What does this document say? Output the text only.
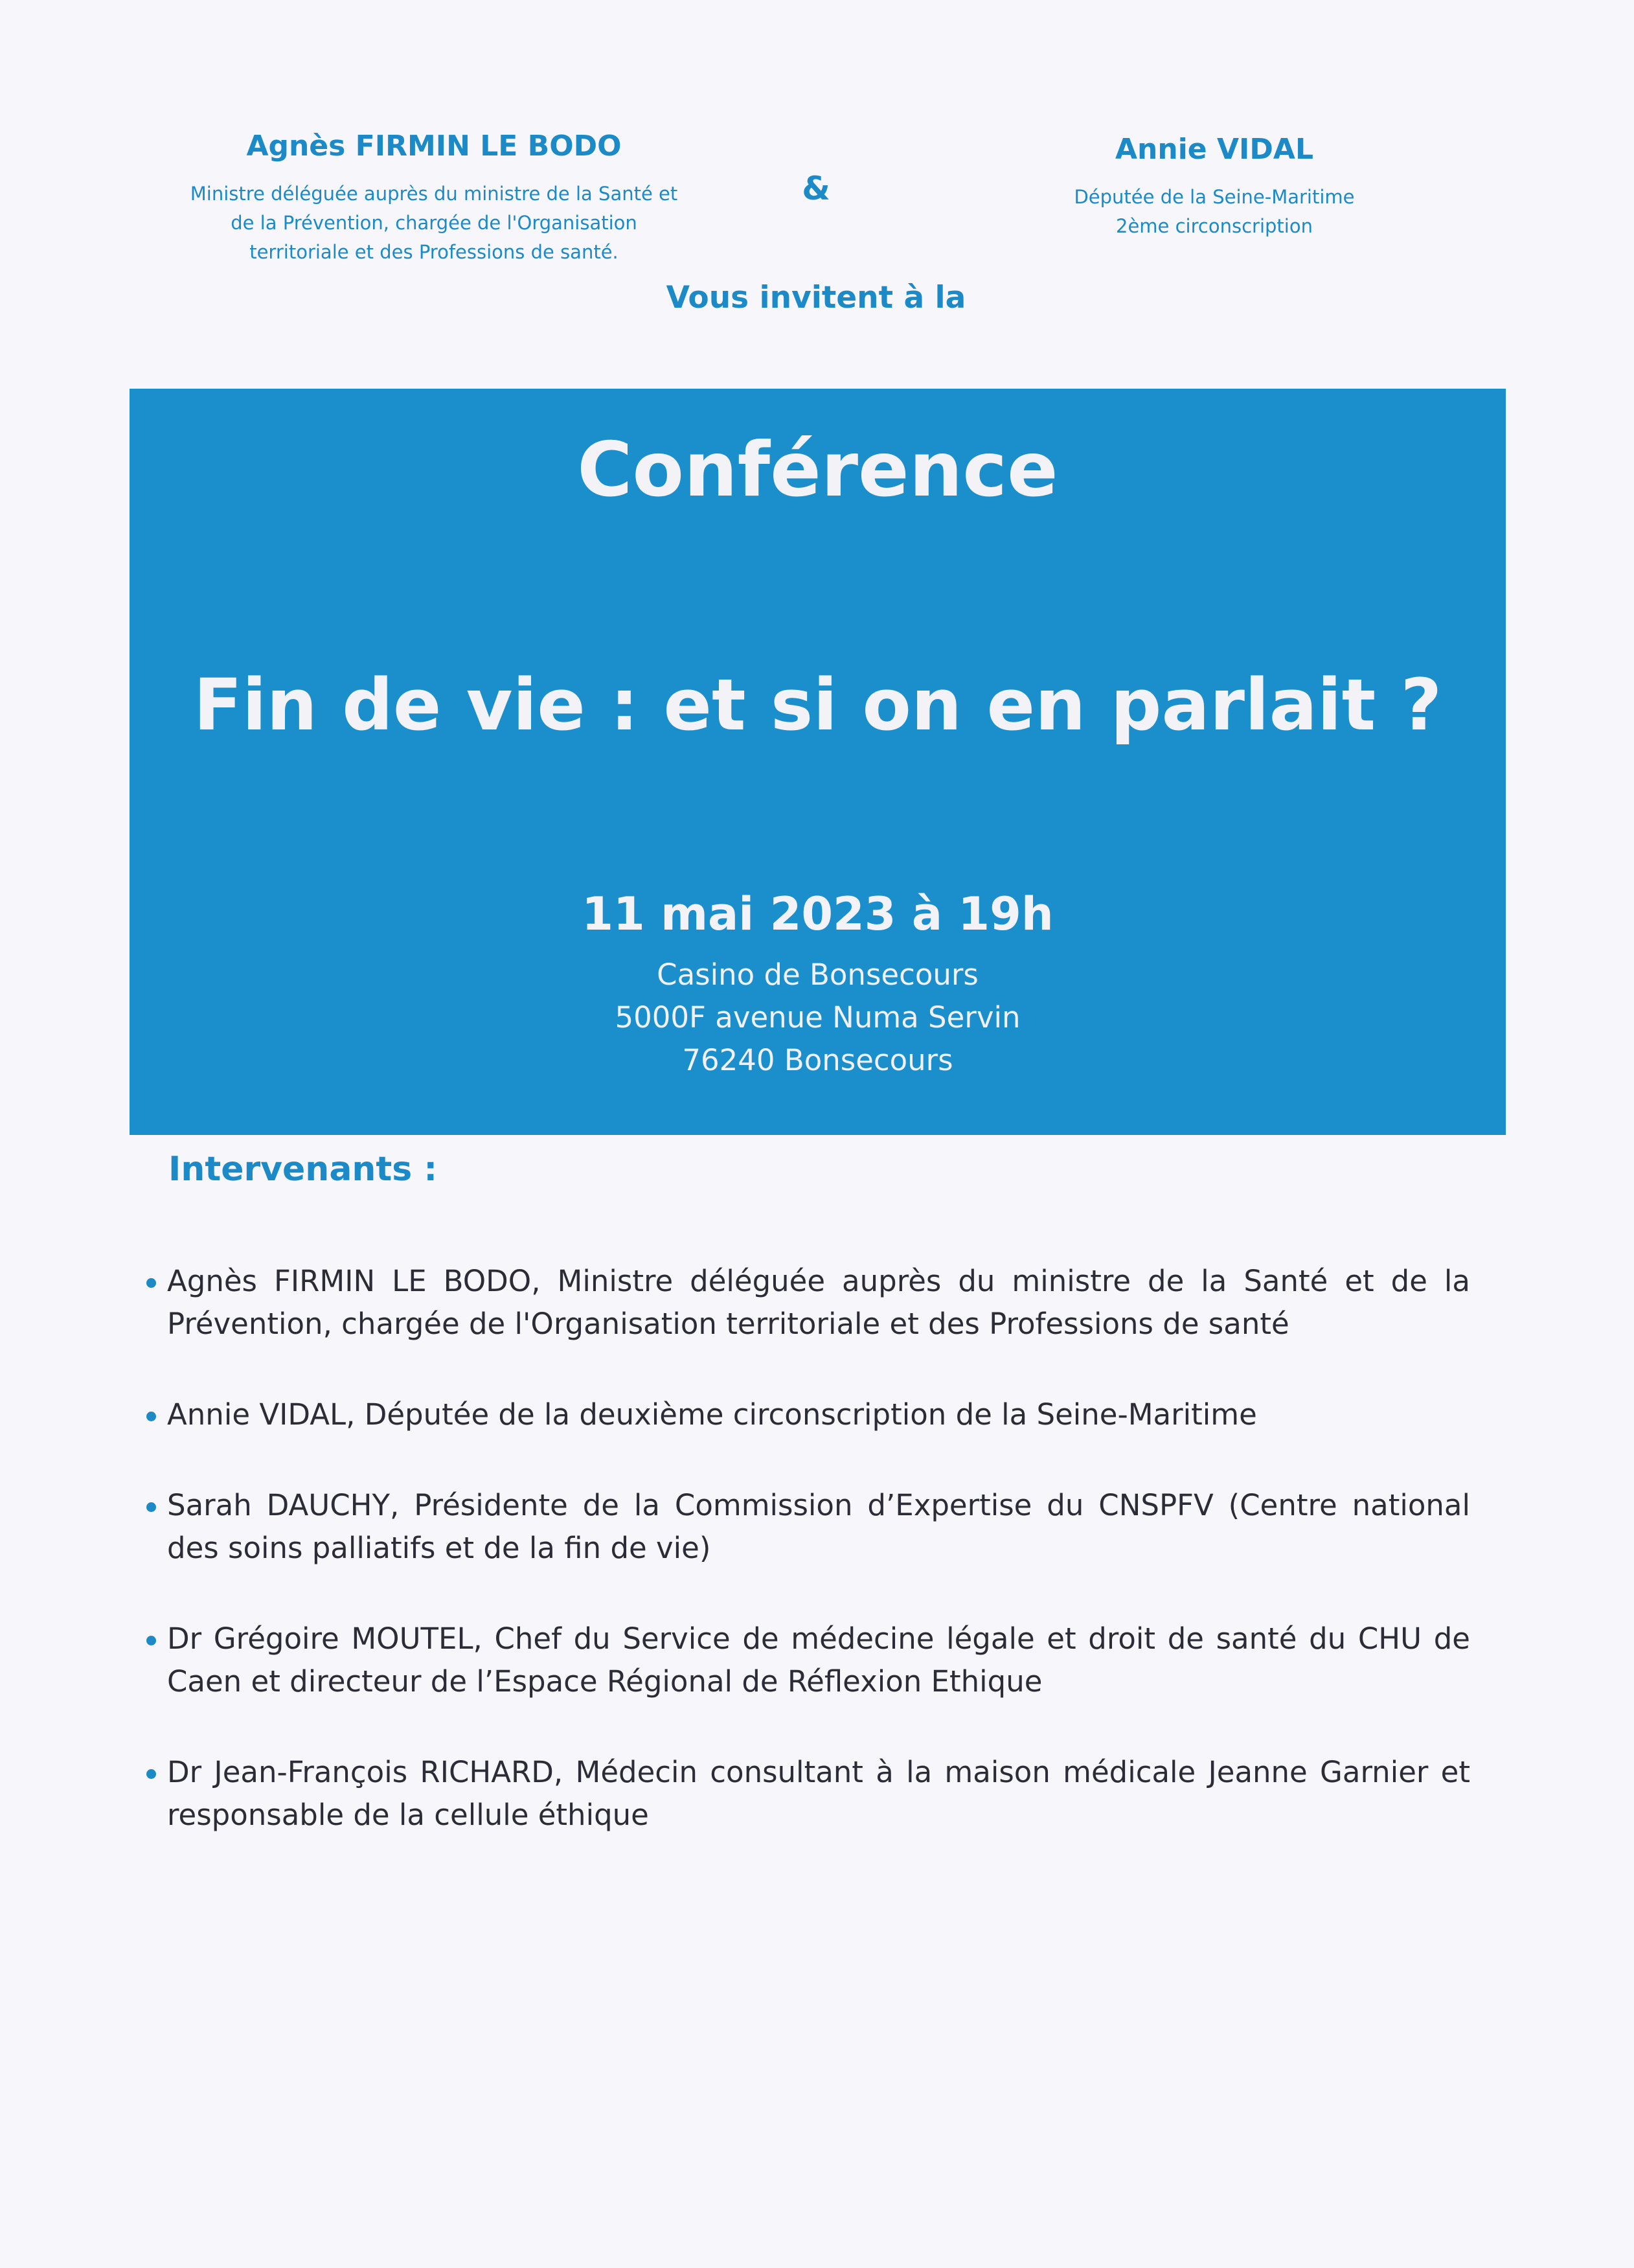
Agnès FIRMIN LE BODO
Ministre déléguée auprès du ministre de la Santé et
de la Prévention, chargée de l'Organisation
territoriale et des Professions de santé.
&
Annie VIDAL
Députée de la Seine-Maritime
2ème circonscription
Vous invitent à la
Conférence
Fin de vie : et si on en parlait ?
11 mai 2023 à 19h
Casino de Bonsecours
5000F avenue Numa Servin
76240 Bonsecours
Intervenants :
Agnès FIRMIN LE BODO, Ministre déléguée auprès du ministre de la Santé et de la Prévention, chargée de l'Organisation territoriale et des Professions de santé
Annie VIDAL, Députée de la deuxième circonscription de la Seine-Maritime
Sarah DAUCHY, Présidente de la Commission d’Expertise du CNSPFV (Centre national des soins palliatifs et de la fin de vie)
Dr Grégoire MOUTEL, Chef du Service de médecine légale et droit de santé du CHU de Caen et directeur de l’Espace Régional de Réflexion Ethique
Dr Jean-François RICHARD, Médecin consultant à la maison médicale Jeanne Garnier et responsable de la cellule éthique
